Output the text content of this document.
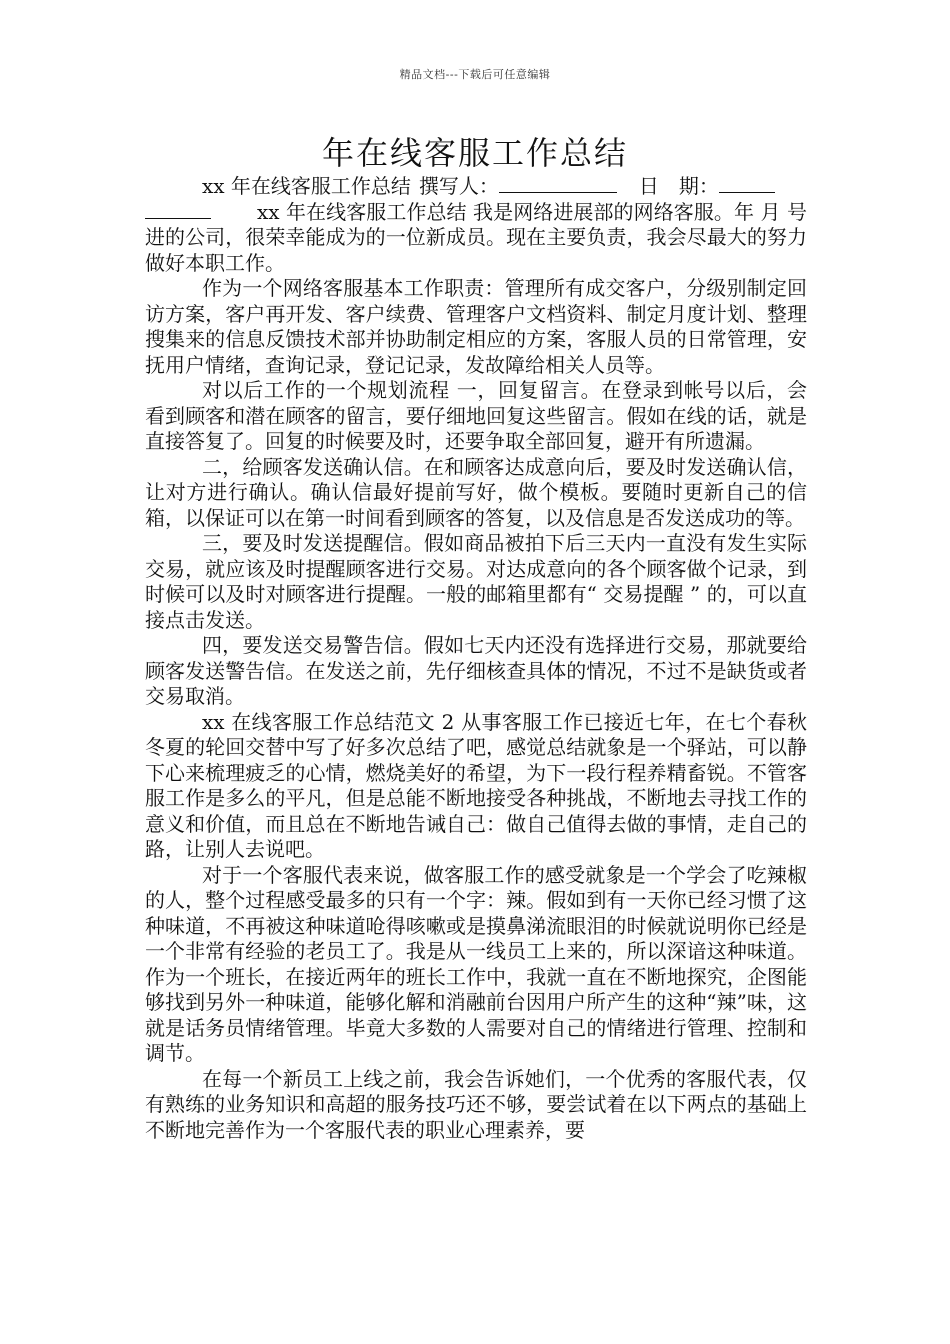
精品文档---下载后可任意编辑
年在线客服工作总结

xx 年在线客服工作总结 撰写人：	日　期：

xx 年在线客服工作总结 我是网络进展部的网络客服。年 月 号进的公司，很荣幸能成为的一位新成员。现在主要负责，我会尽最大的努力做好本职工作。

作为一个网络客服基本工作职责：管理所有成交客户，分级别制定回访方案，客户再开发、客户续费、管理客户文档资料、制定月度计划、整理搜集来的信息反馈技术部并协助制定相应的方案，客服人员的日常管理，安抚用户情绪，查询记录，登记记录，发故障给相关人员等。

对以后工作的一个规划流程 一，回复留言。在登录到帐号以后，会看到顾客和潜在顾客的留言，要仔细地回复这些留言。假如在线的话，就是直接答复了。回复的时候要及时，还要争取全部回复，避开有所遗漏。

二，给顾客发送确认信。在和顾客达成意向后，要及时发送确认信，让对方进行确认。确认信最好提前写好，做个模板。要随时更新自己的信箱，以保证可以在第一时间看到顾客的答复，以及信息是否发送成功的等。

三，要及时发送提醒信。假如商品被拍下后三天内一直没有发生实际交易，就应该及时提醒顾客进行交易。对达成意向的各个顾客做个记录，到时候可以及时对顾客进行提醒。一般的邮箱里都有“ 交易提醒 ” 的，可以直接点击发送。

四，要发送交易警告信。假如七天内还没有选择进行交易，那就要给顾客发送警告信。在发送之前，先仔细核查具体的情况，不过不是缺货或者交易取消。

xx 在线客服工作总结范文 2 从事客服工作已接近七年，在七个春秋冬夏的轮回交替中写了好多次总结了吧，感觉总结就象是一个驿站，可以静下心来梳理疲乏的心情，燃烧美好的希望，为下一段行程养精畜锐。不管客服工作是多么的平凡，但是总能不断地接受各种挑战，不断地去寻找工作的意义和价值，而且总在不断地告诫自己：做自己值得去做的事情，走自己的路，让别人去说吧。

对于一个客服代表来说，做客服工作的感受就象是一个学会了吃辣椒的人，整个过程感受最多的只有一个字：辣。假如到有一天你已经习惯了这种味道，不再被这种味道呛得咳嗽或是摸鼻涕流眼泪的时候就说明你已经是一个非常有经验的老员工了。我是从一线员工上来的，所以深谙这种味道。作为一个班长，在接近两年的班长工作中，我就一直在不断地探究，企图能够找到另外一种味道，能够化解和消融前台因用户所产生的这种“辣”味，这就是话务员情绪管理。毕竟大多数的人需要对自己的情绪进行管理、控制和调节。

在每一个新员工上线之前，我会告诉她们，一个优秀的客服代表，仅有熟练的业务知识和高超的服务技巧还不够，要尝试着在以下两点的基础上不断地完善作为一个客服代表的职业心理素养，要
